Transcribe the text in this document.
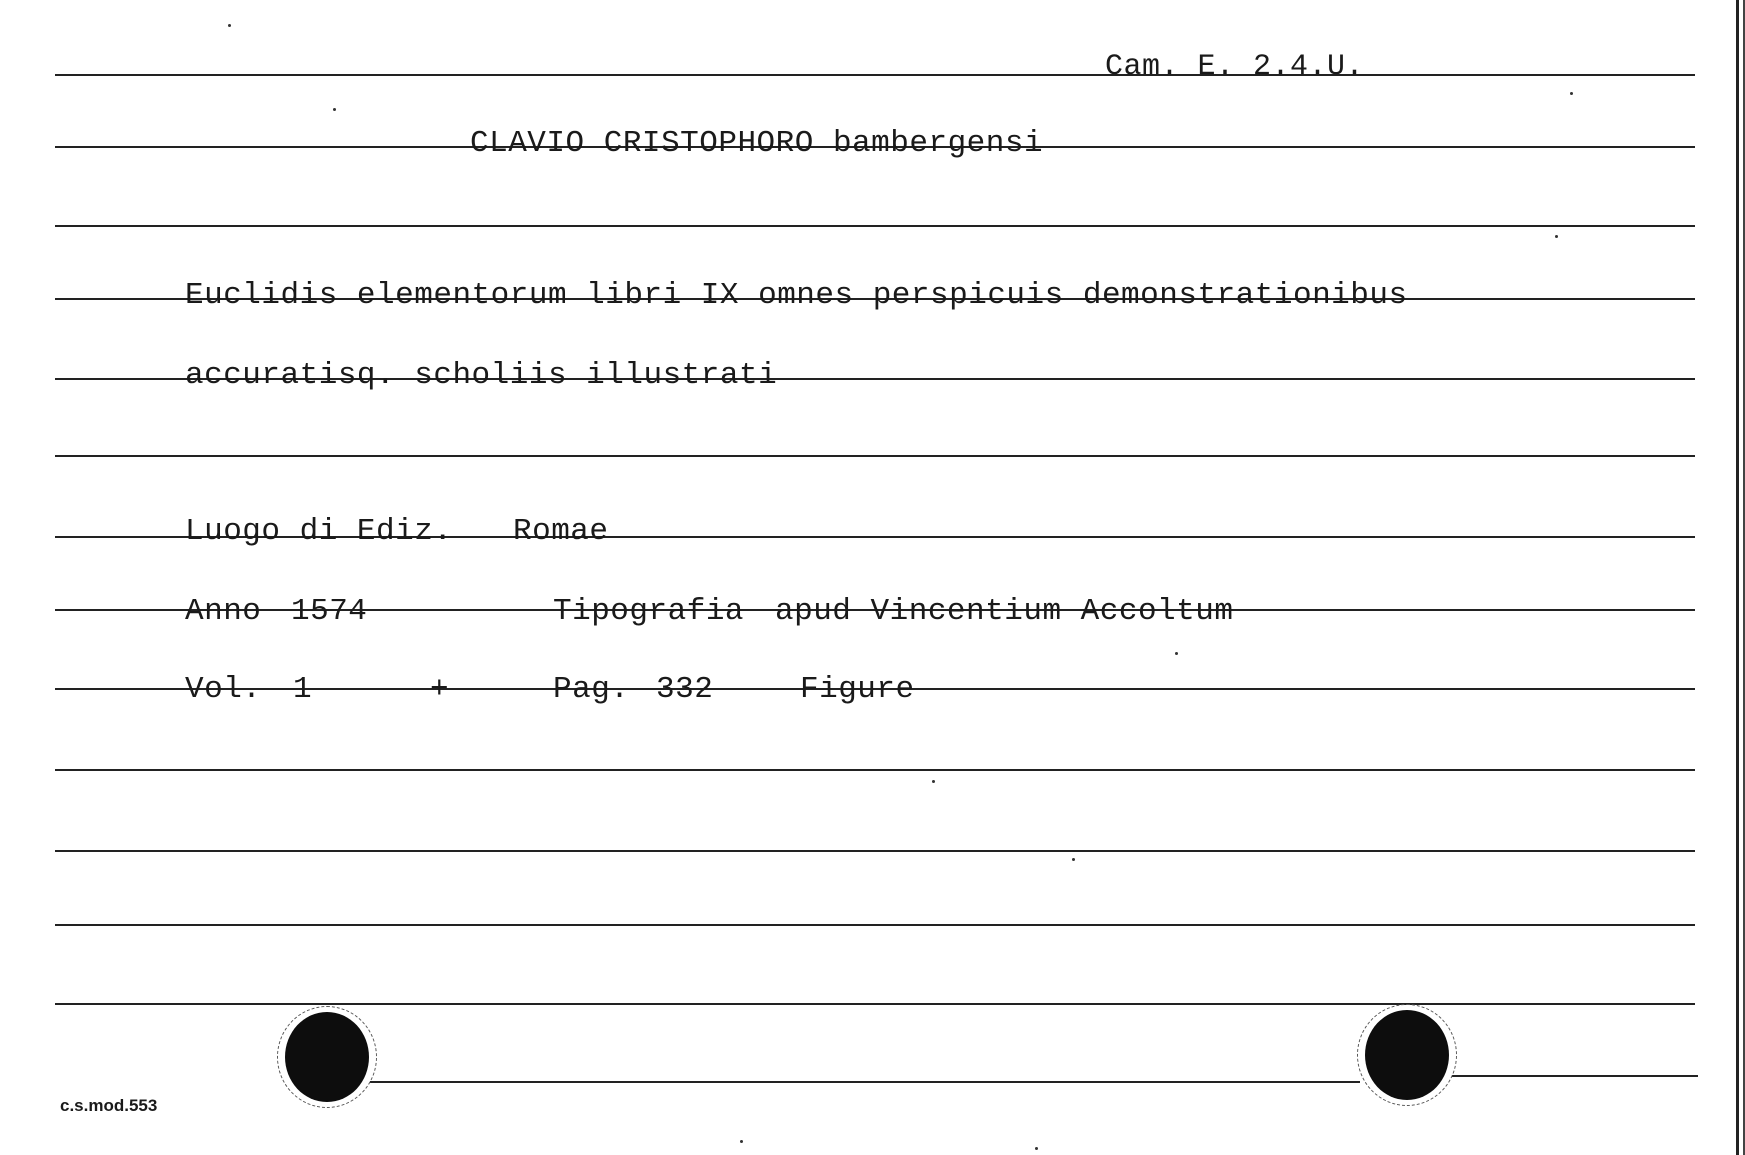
Cam. E. 2.4.U.
CLAVIO CRISTOPHORO bambergensi
Euclidis elementorum libri IX omnes perspicuis demonstrationibus
accuratisq. scholiis illustrati
Luogo di Ediz. Romae
Anno 1574	Tipografia apud Vincentium Accoltum
Vol. 1	+	Pag. 332	Figure
c.s.mod.553
